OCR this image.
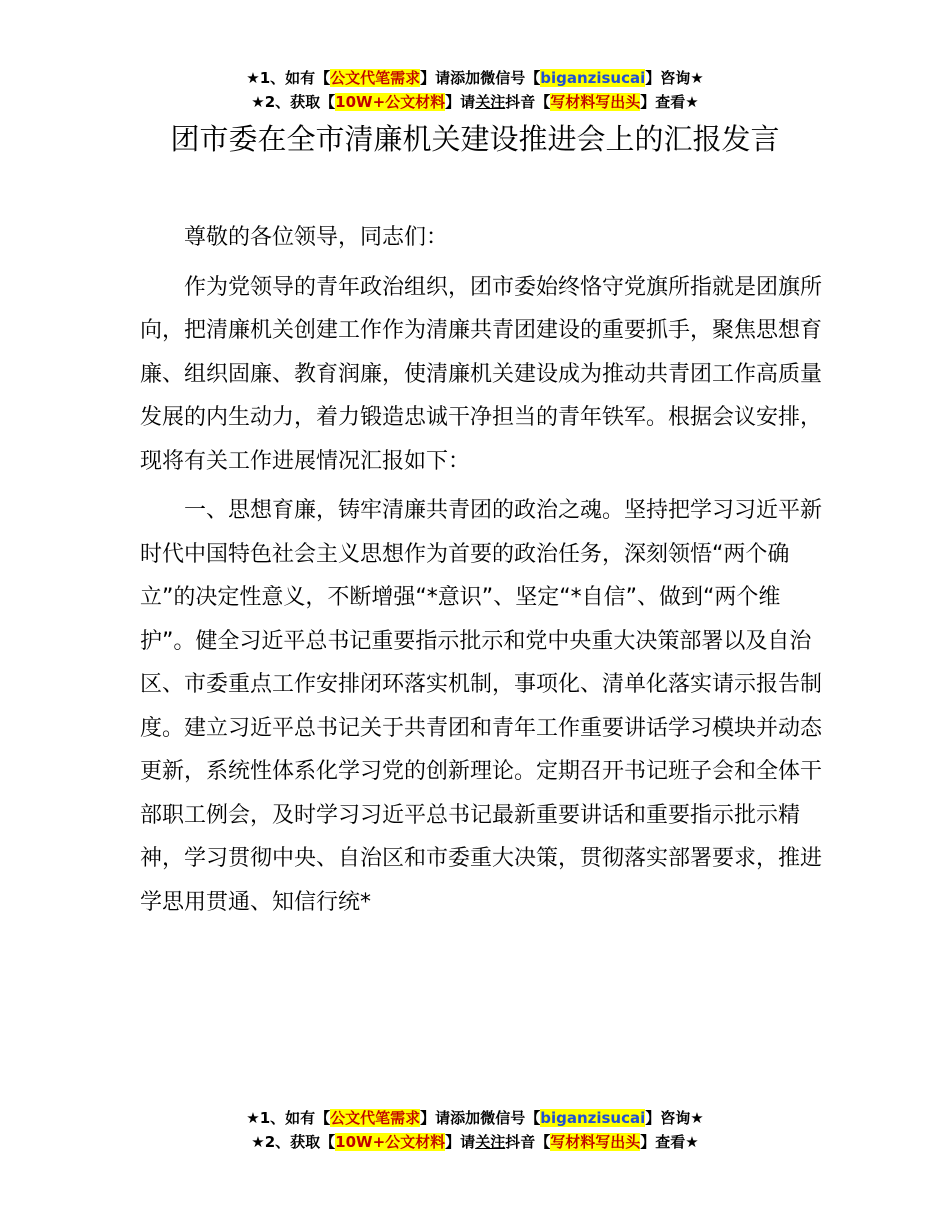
★1、如有【公文代笔需求】请添加微信号【biganzisucai】咨询★
★2、获取【10W+公文材料】请关注抖音【写材料写出头】查看★
团市委在全市清廉机关建设推进会上的汇报发言

尊敬的各位领导，同志们：

作为党领导的青年政治组织，团市委始终恪守党旗所指就是团旗所向，把清廉机关创建工作作为清廉共青团建设的重要抓手，聚焦思想育廉、组织固廉、教育润廉，使清廉机关建设成为推动共青团工作高质量发展的内生动力，着力锻造忠诚干净担当的青年铁军。根据会议安排，现将有关工作进展情况汇报如下：

一、思想育廉，铸牢清廉共青团的政治之魂。坚持把学习习近平新时代中国特色社会主义思想作为首要的政治任务，深刻领悟“两个确立”的决定性意义，不断增强“*意识”、坚定“*自信”、做到“两个维护”。健全习近平总书记重要指示批示和党中央重大决策部署以及自治区、市委重点工作安排闭环落实机制，事项化、清单化落实请示报告制度。建立习近平总书记关于共青团和青年工作重要讲话学习模块并动态更新，系统性体系化学习党的创新理论。定期召开书记班子会和全体干部职工例会，及时学习习近平总书记最新重要讲话和重要指示批示精神，学习贯彻中央、自治区和市委重大决策，贯彻落实部署要求，推进学思用贯通、知信行统*

★1、如有【公文代笔需求】请添加微信号【biganzisucai】咨询★
★2、获取【10W+公文材料】请关注抖音【写材料写出头】查看★
